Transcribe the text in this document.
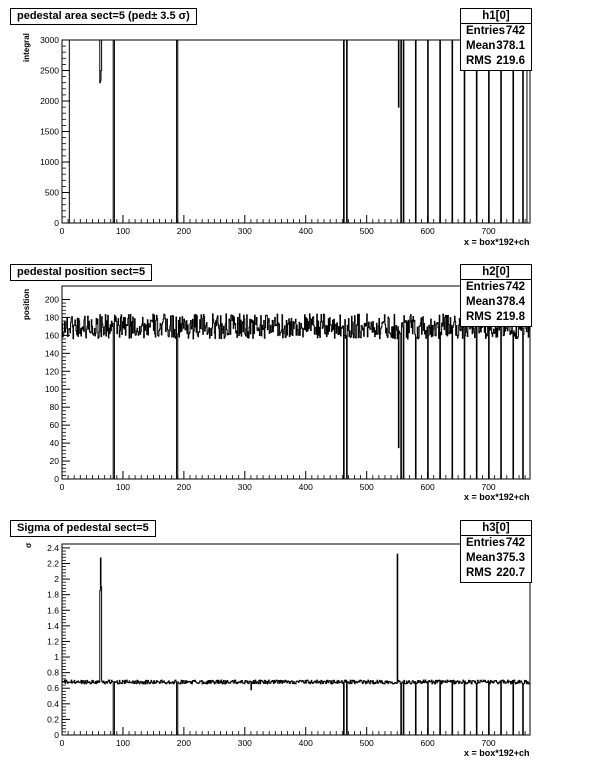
0
500
1000
1500
2000
2500
3000
0	100	200	300	400	500	600	700
pedestal area sect=5 (ped± 3.5 σ)
integral
x = box*192+ch
h1[0]
Entries 742
Mean 378.1
RMS 219.6
0
20
40
60
80
100
120
140
160
180
200
0	100	200	300	400	500	600	700
pedestal position sect=5
position
x = box*192+ch
h2[0]
Entries 742
Mean 378.4
RMS 219.8
0
0.2
0.4
0.6
0.8
1
1.2
1.4
1.6
1.8
2
2.2
2.4
0	100	200	300	400	500	600	700
Sigma of pedestal sect=5
σ
x = box*192+ch
h3[0]
Entries 742
Mean 375.3
RMS 220.7
